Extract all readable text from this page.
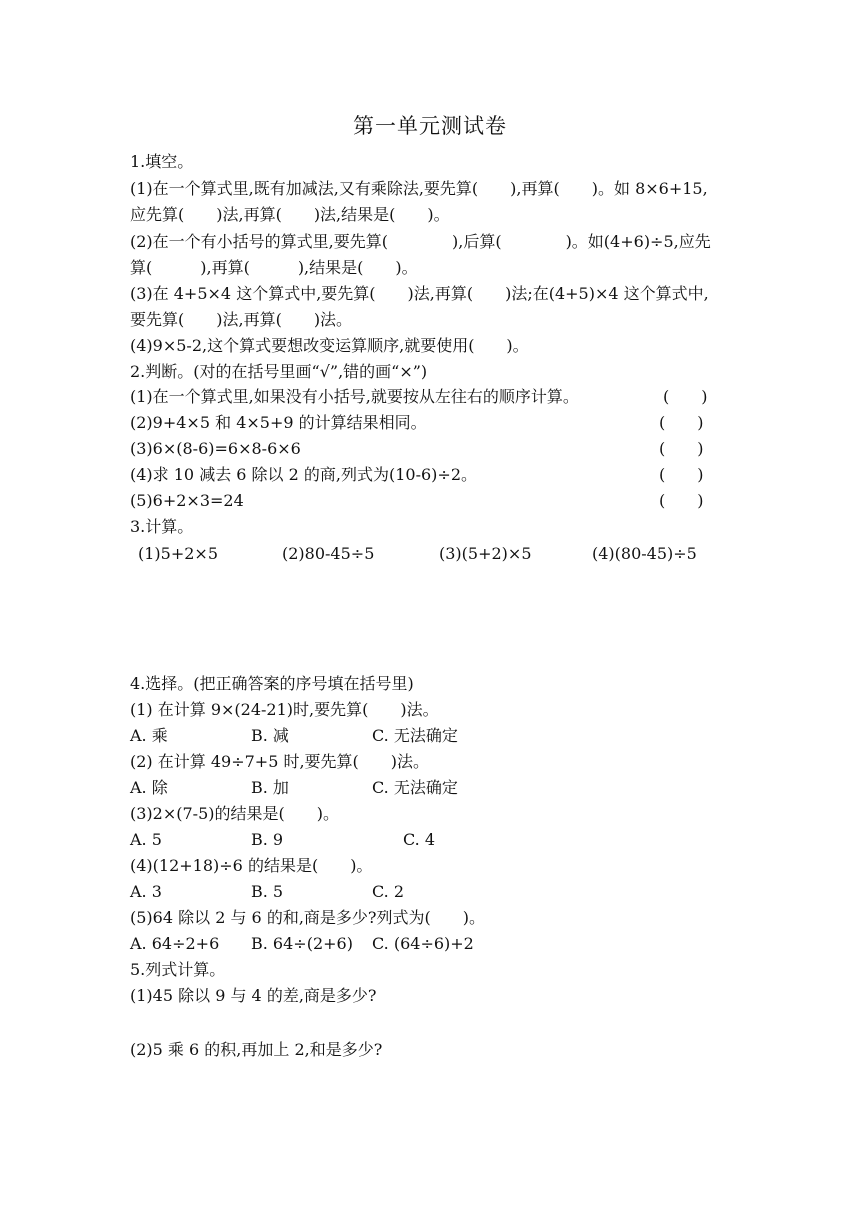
第一单元测试卷
1.填空。
(1)在一个算式里,既有加减法,又有乘除法,要先算(　　),再算(　　)。如 8×6+15,
应先算(　　)法,再算(　　)法,结果是(　　)。
(2)在一个有小括号的算式里,要先算(　　　　),后算(　　　　)。如(4+6)÷5,应先
算(　　　),再算(　　　),结果是(　　)。
(3)在 4+5×4 这个算式中,要先算(　　)法,再算(　　)法;在(4+5)×4 这个算式中,
要先算(　　)法,再算(　　)法。
(4)9×5-2,这个算式要想改变运算顺序,就要使用(　　)。
2.判断。(对的在括号里画“√”,错的画“×”)
(1)在一个算式里,如果没有小括号,就要按从左往右的顺序计算。	(　　)
(2)9+4×5 和 4×5+9 的计算结果相同。	(　　)
(3)6×(8-6)=6×8-6×6	(　　)
(4)求 10 减去 6 除以 2 的商,列式为(10-6)÷2。	(　　)
(5)6+2×3=24	(　　)
3.计算。
(1)5+2×5	(2)80-45÷5	(3)(5+2)×5	(4)(80-45)÷5
4.选择。(把正确答案的序号填在括号里)
(1) 在计算 9×(24-21)时,要先算(　　)法。
A. 乘	B. 减	C. 无法确定
(2) 在计算 49÷7+5 时,要先算(　　)法。
A. 除	B. 加	C. 无法确定
(3)2×(7-5)的结果是(　　)。
A. 5	B. 9	C. 4
(4)(12+18)÷6 的结果是(　　)。
A. 3	B. 5	C. 2
(5)64 除以 2 与 6 的和,商是多少?列式为(　　)。
A. 64÷2+6 B. 64÷(2+6) C. (64÷6)+2
5.列式计算。
(1)45 除以 9 与 4 的差,商是多少?
(2)5 乘 6 的积,再加上 2,和是多少?
